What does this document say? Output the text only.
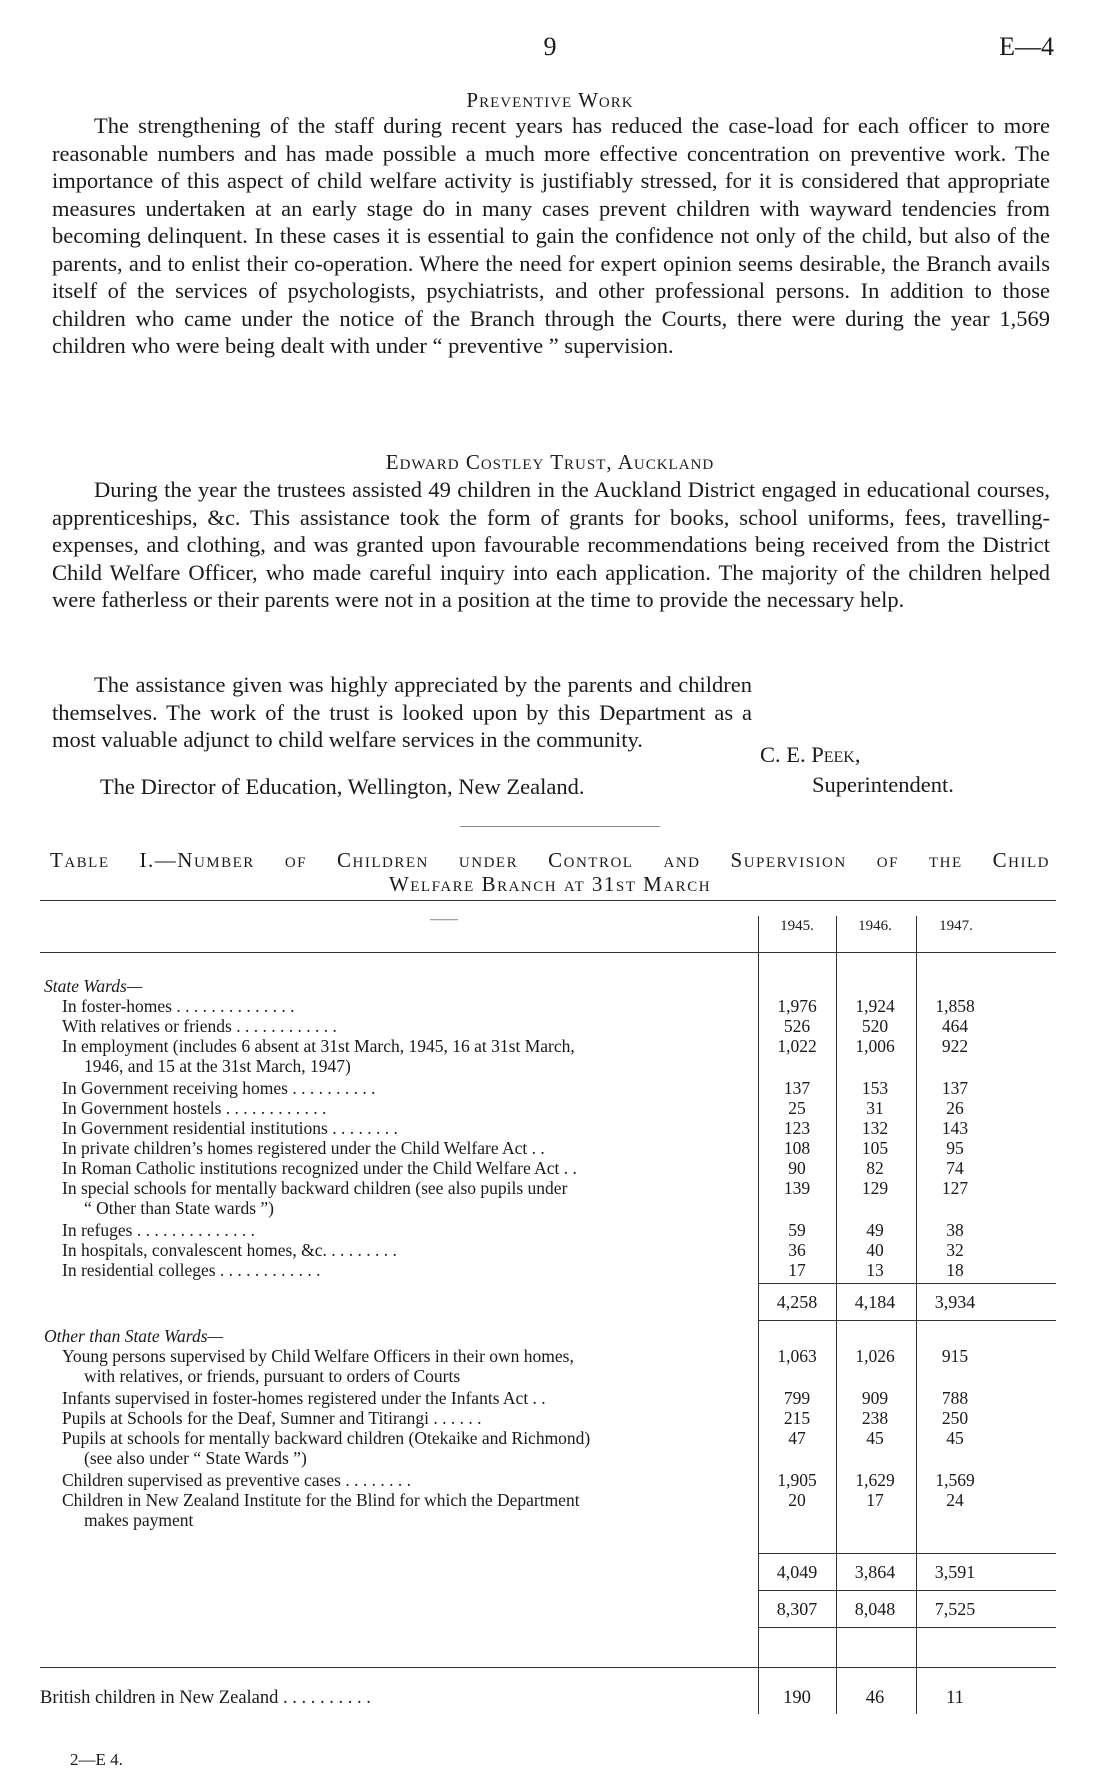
9	E—4
Preventive Work

The strengthening of the staff during recent years has reduced the case-load for each officer to more reasonable numbers and has made possible a much more effective concentration on preventive work. The importance of this aspect of child welfare activity is justifiably stressed, for it is considered that appropriate measures undertaken at an early stage do in many cases prevent children with wayward tendencies from becoming delinquent. In these cases it is essential to gain the confidence not only of the child, but also of the parents, and to enlist their co-operation. Where the need for expert opinion seems desirable, the Branch avails itself of the services of psychologists, psychiatrists, and other professional persons. In addition to those children who came under the notice of the Branch through the Courts, there were during the year 1,569 children who were being dealt with under “ preventive ” supervision.

Edward Costley Trust, Auckland

During the year the trustees assisted 49 children in the Auckland District engaged in educational courses, apprenticeships, &c. This assistance took the form of grants for books, school uniforms, fees, travelling-expenses, and clothing, and was granted upon favourable recommendations being received from the District Child Welfare Officer, who made careful inquiry into each application. The majority of the children helped were fatherless or their parents were not in a position at the time to provide the necessary help.

The assistance given was highly appreciated by the parents and children themselves. The work of the trust is looked upon by this Department as a most valuable adjunct to child welfare services in the community.

C. E. Peek,
The Director of Education, Wellington, New Zealand.	Superintendent.
Table I.—Number of Children under Control and Supervision of the Child
Welfare Branch at 31st March
——	1945.	1946.	1947.
State Wards—
In foster-homes . . . . . . . . . . . . . .	1,976	1,924	1,858
With relatives or friends . . . . . . . . . . . .	526	520	464
In employment (includes 6 absent at 31st March, 1945, 16 at 31st March,	1,022	1,006	922
1946, and 15 at the 31st March, 1947)
In Government receiving homes . . . . . . . . . .	137	153	137
In Government hostels . . . . . . . . . . . .	25	31	26
In Government residential institutions . . . . . . . .	123	132	143
In private children’s homes registered under the Child Welfare Act . .	108	105	95
In Roman Catholic institutions recognized under the Child Welfare Act . .	90	82	74
In special schools for mentally backward children (see also pupils under	139	129	127
“ Other than State wards ”)
In refuges . . . . . . . . . . . . . .	59	49	38
In hospitals, convalescent homes, &c. . . . . . . . .	36	40	32
In residential colleges . . . . . . . . . . . .	17	13	18
4,258	4,184	3,934
Other than State Wards—
Young persons supervised by Child Welfare Officers in their own homes,	1,063	1,026	915
with relatives, or friends, pursuant to orders of Courts
Infants supervised in foster-homes registered under the Infants Act . .	799	909	788
Pupils at Schools for the Deaf, Sumner and Titirangi . . . . . .	215	238	250
Pupils at schools for mentally backward children (Otekaike and Richmond)	47	45	45
(see also under “ State Wards ”)
Children supervised as preventive cases . . . . . . . .	1,905	1,629	1,569
Children in New Zealand Institute for the Blind for which the Department	20	17	24
makes payment
4,049	3,864	3,591
8,307	8,048	7,525
British children in New Zealand . . . . . . . . . .	190	46	11
2—E 4.
